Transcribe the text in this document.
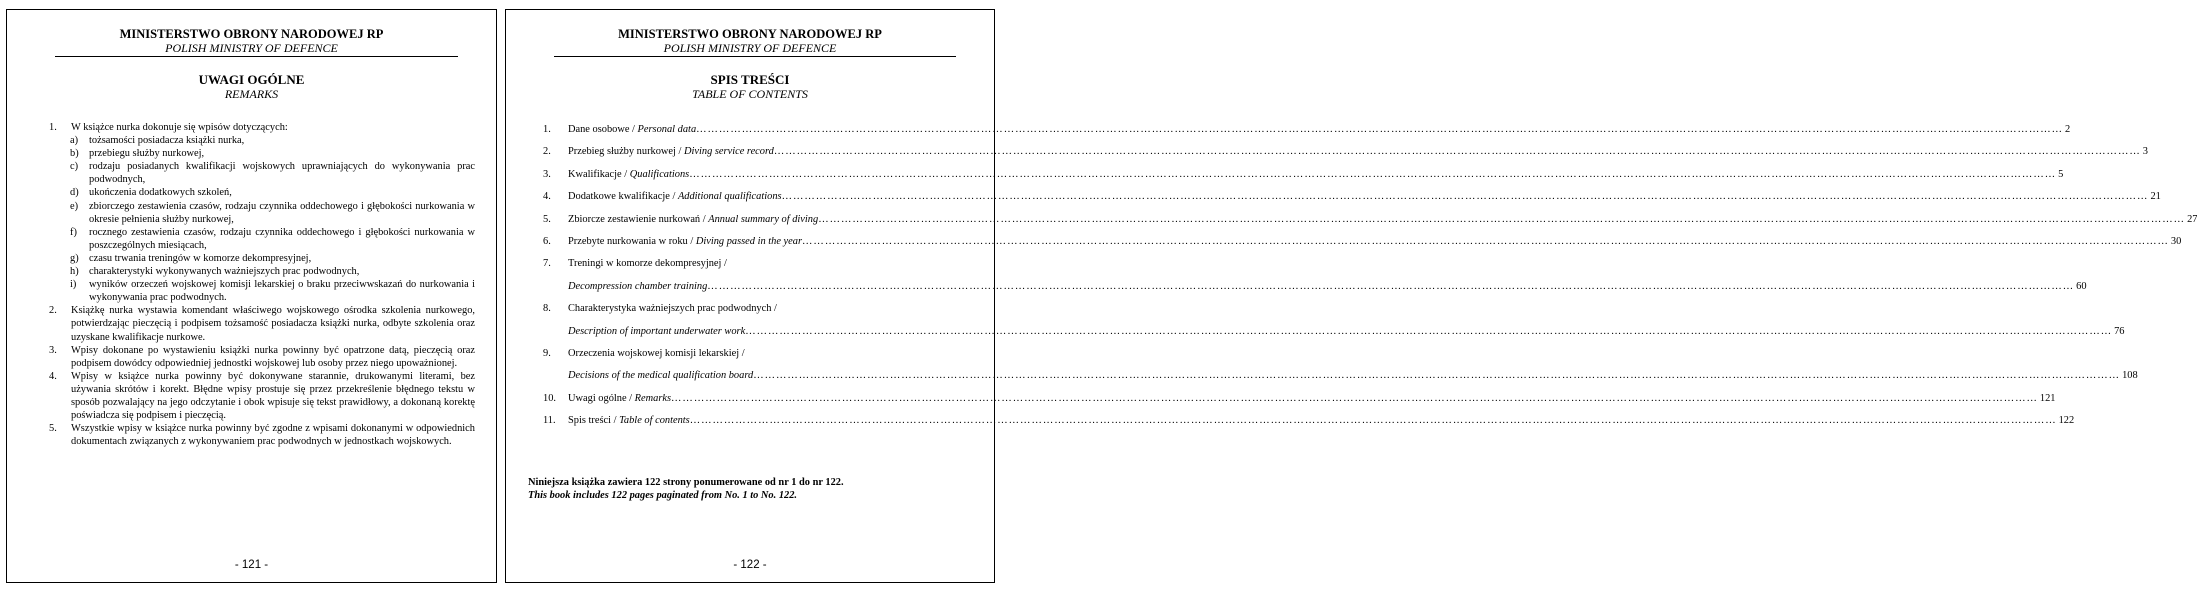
MINISTERSTWO OBRONY NARODOWEJ RP
POLISH MINISTRY OF DEFENCE
UWAGI OGÓLNE
REMARKS
1. W książce nurka dokonuje się wpisów dotyczących:
a) tożsamości posiadacza książki nurka,
b) przebiegu służby nurkowej,
c) rodzaju posiadanych kwalifikacji wojskowych uprawniających do wykonywania prac podwodnych,
d) ukończenia dodatkowych szkoleń,
e) zbiorczego zestawienia czasów, rodzaju czynnika oddechowego i głębokości nurkowania w okresie pełnienia służby nurkowej,
f) rocznego zestawienia czasów, rodzaju czynnika oddechowego i głębokości nurkowania w poszczególnych miesiącach,
g) czasu trwania treningów w komorze dekompresyjnej,
h) charakterystyki wykonywanych ważniejszych prac podwodnych,
i) wyników orzeczeń wojskowej komisji lekarskiej o braku przeciwwskazań do nurkowania i wykonywania prac podwodnych.
2. Książkę nurka wystawia komendant właściwego wojskowego ośrodka szkolenia nurkowego, potwierdzając pieczęcią i podpisem tożsamość posiadacza książki nurka, odbyte szkolenia oraz uzyskane kwalifikacje nurkowe.
3. Wpisy dokonane po wystawieniu książki nurka powinny być opatrzone datą, pieczęcią oraz podpisem dowódcy odpowiedniej jednostki wojskowej lub osoby przez niego upoważnionej.
4. Wpisy w książce nurka powinny być dokonywane starannie, drukowanymi literami, bez używania skrótów i korekt. Błędne wpisy prostuje się przez przekreślenie błędnego tekstu w sposób pozwalający na jego odczytanie i obok wpisuje się tekst prawidłowy, a dokonaną korektę poświadcza się podpisem i pieczęcią.
5. Wszystkie wpisy w książce nurka powinny być zgodne z wpisami dokonanymi w odpowiednich dokumentach związanych z wykonywaniem prac podwodnych w jednostkach wojskowych.
- 121 -
MINISTERSTWO OBRONY NARODOWEJ RP
POLISH MINISTRY OF DEFENCE
SPIS TREŚCI
TABLE OF CONTENTS
1. Dane osobowe / Personal data ……………………………………………………………………………………………………………………………………………………………………………………………………………………………………………………………………………………………………………………………… 2
2. Przebieg służby nurkowej / Diving service record ……………………………………………………………………………………………………………………………………………………………………………………………………………………………………………………………………………………………………………………………… 3
3. Kwalifikacje / Qualifications ……………………………………………………………………………………………………………………………………………………………………………………………………………………………………………………………………………………………………………………………… 5
4. Dodatkowe kwalifikacje / Additional qualifications ……………………………………………………………………………………………………………………………………………………………………………………………………………………………………………………………………………………………………………………………… 21
5. Zbiorcze zestawienie nurkowań / Annual summary of diving ……………………………………………………………………………………………………………………………………………………………………………………………………………………………………………………………………………………………………………………………… 27
6. Przebyte nurkowania w roku / Diving passed in the year ……………………………………………………………………………………………………………………………………………………………………………………………………………………………………………………………………………………………………………………………… 30
7. Treningi w komorze dekompresyjnej /
Decompression chamber training ……………………………………………………………………………………………………………………………………………………………………………………………………………………………………………………………………………………………………………………………… 60
8. Charakterystyka ważniejszych prac podwodnych /
Description of important underwater work ……………………………………………………………………………………………………………………………………………………………………………………………………………………………………………………………………………………………………………………………… 76
9. Orzeczenia wojskowej komisji lekarskiej /
Decisions of the medical qualification board ……………………………………………………………………………………………………………………………………………………………………………………………………………………………………………………………………………………………………………………………… 108
10. Uwagi ogólne / Remarks ……………………………………………………………………………………………………………………………………………………………………………………………………………………………………………………………………………………………………………………………… 121
11. Spis treści / Table of contents ……………………………………………………………………………………………………………………………………………………………………………………………………………………………………………………………………………………………………………………………… 122
Niniejsza książka zawiera 122 strony ponumerowane od nr 1 do nr 122.
This book includes 122 pages paginated from No. 1 to No. 122.
- 122 -
